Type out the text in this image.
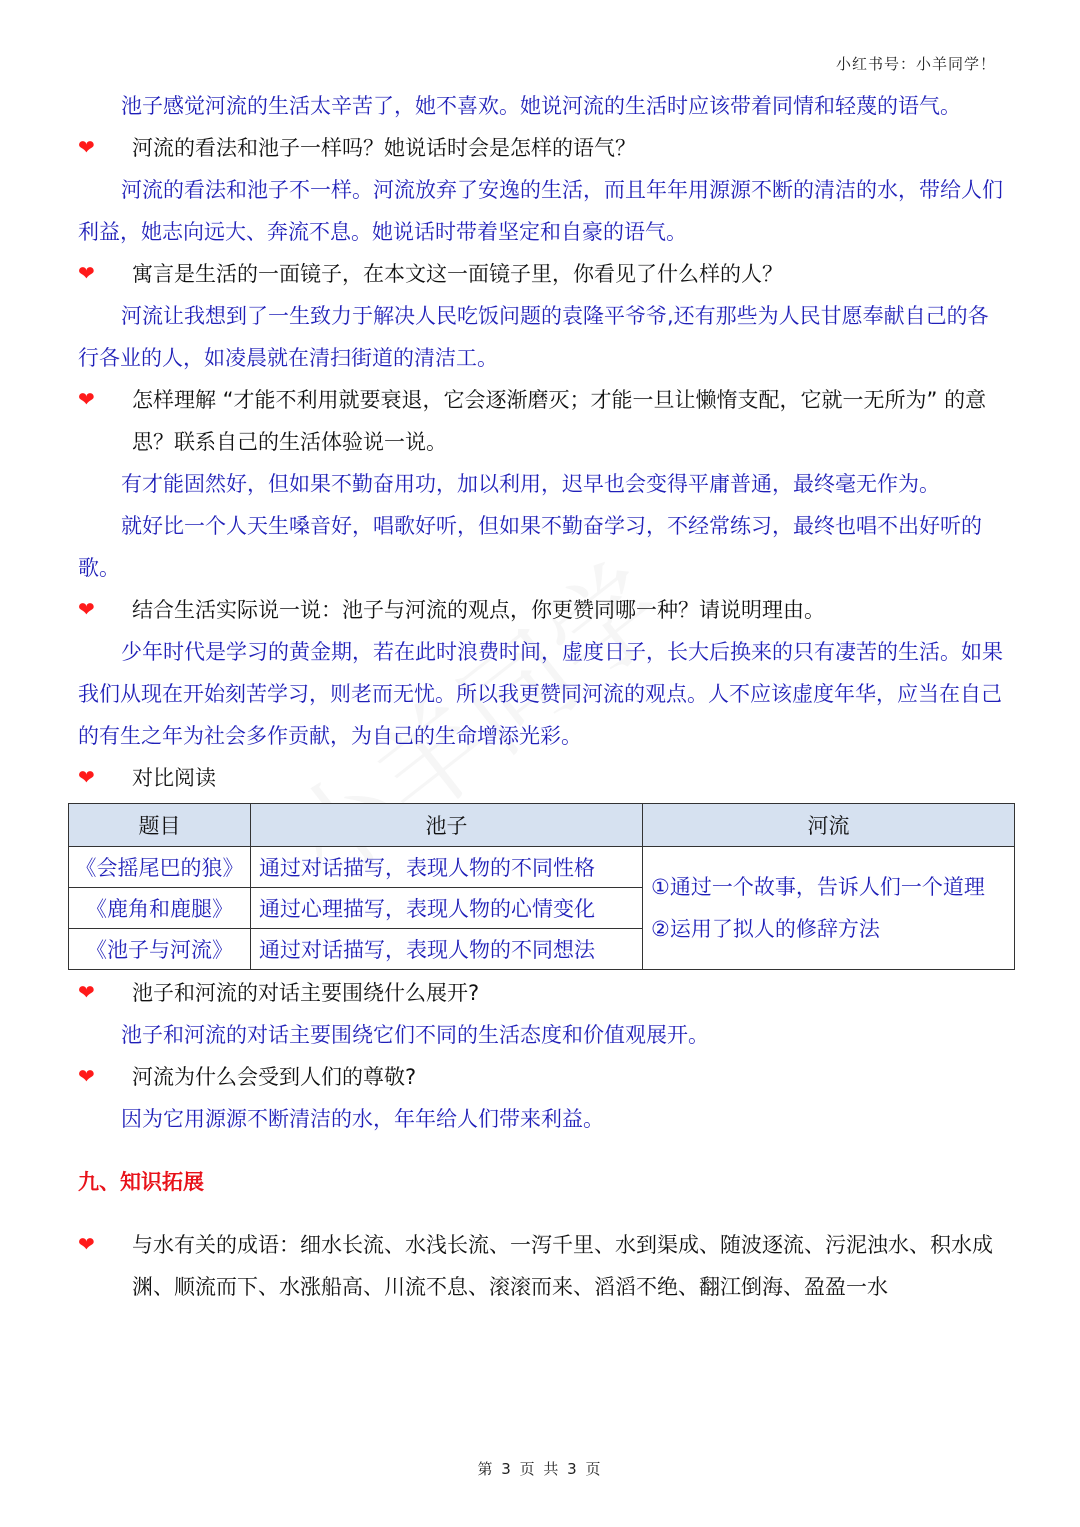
小红书号：小羊同学！

池子感觉河流的生活太辛苦了，她不喜欢。她说河流的生活时应该带着同情和轻蔑的语气。

❤ 河流的看法和池子一样吗？她说话时会是怎样的语气？

河流的看法和池子不一样。河流放弃了安逸的生活，而且年年用源源不断的清洁的水，带给人们利益，她志向远大、奔流不息。她说话时带着坚定和自豪的语气。

❤ 寓言是生活的一面镜子，在本文这一面镜子里，你看见了什么样的人？

河流让我想到了一生致力于解决人民吃饭问题的袁隆平爷爷,还有那些为人民甘愿奉献自己的各行各业的人，如凌晨就在清扫街道的清洁工。

❤ 怎样理解 “才能不利用就要衰退，它会逐渐磨灭；才能一旦让懒惰支配，它就一无所为” 的意思？联系自己的生活体验说一说。

有才能固然好，但如果不勤奋用功，加以利用，迟早也会变得平庸普通，最终毫无作为。

就好比一个人天生嗓音好，唱歌好听，但如果不勤奋学习，不经常练习，最终也唱不出好听的歌。

❤ 结合生活实际说一说：池子与河流的观点，你更赞同哪一种？请说明理由。

少年时代是学习的黄金期，若在此时浪费时间，虚度日子，长大后换来的只有凄苦的生活。如果我们从现在开始刻苦学习，则老而无忧。所以我更赞同河流的观点。人不应该虚度年华，应当在自己的有生之年为社会多作贡献，为自己的生命增添光彩。

❤ 对比阅读

题目	池子	河流
《会摇尾巴的狼》	通过对话描写，表现人物的不同性格	①通过一个故事，告诉人们一个道理
②运用了拟人的修辞方法

《鹿角和鹿腿》	通过心理描写，表现人物的心情变化	
《池子与河流》	通过对话描写，表现人物的不同想法	

❤ 池子和河流的对话主要围绕什么展开?

池子和河流的对话主要围绕它们不同的生活态度和价值观展开。

❤ 河流为什么会受到人们的尊敬?

因为它用源源不断清洁的水，年年给人们带来利益。

九、知识拓展

❤ 与水有关的成语：细水长流、水浅长流、一泻千里、水到渠成、随波逐流、污泥浊水、积水成渊、顺流而下、水涨船高、川流不息、滚滚而来、滔滔不绝、翻江倒海、盈盈一水

第 3 页 共 3 页
